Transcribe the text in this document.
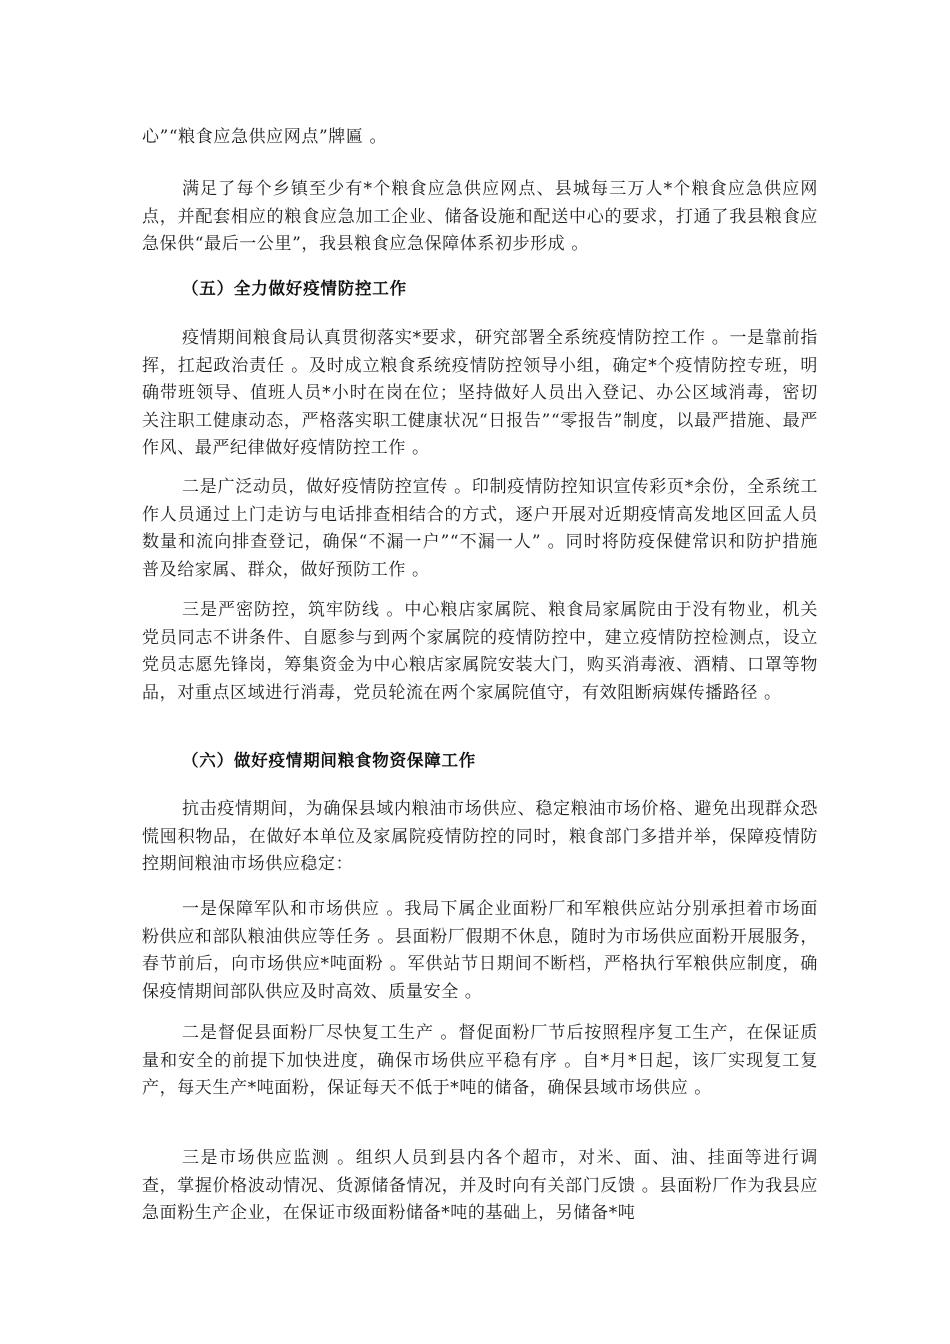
心”“粮食应急供应网点”牌匾 。

满足了每个乡镇至少有*个粮食应急供应网点、县城每三万人*个粮食应急供应网点，并配套相应的粮食应急加工企业、储备设施和配送中心的要求，打通了我县粮食应急保供“最后一公里”，我县粮食应急保障体系初步形成 。

（五）全力做好疫情防控工作

疫情期间粮食局认真贯彻落实*要求，研究部署全系统疫情防控工作 。一是靠前指挥，扛起政治责任 。及时成立粮食系统疫情防控领导小组，确定*个疫情防控专班，明确带班领导、值班人员*小时在岗在位；坚持做好人员出入登记、办公区域消毒，密切关注职工健康动态，严格落实职工健康状况“日报告”“零报告”制度，以最严措施、最严作风、最严纪律做好疫情防控工作 。

二是广泛动员，做好疫情防控宣传 。印制疫情防控知识宣传彩页*余份，全系统工作人员通过上门走访与电话排查相结合的方式，逐户开展对近期疫情高发地区回孟人员数量和流向排查登记，确保“不漏一户”“不漏一人” 。同时将防疫保健常识和防护措施普及给家属、群众，做好预防工作 。

三是严密防控，筑牢防线 。中心粮店家属院、粮食局家属院由于没有物业，机关党员同志不讲条件、自愿参与到两个家属院的疫情防控中，建立疫情防控检测点，设立党员志愿先锋岗，筹集资金为中心粮店家属院安装大门，购买消毒液、酒精、口罩等物品，对重点区域进行消毒，党员轮流在两个家属院值守，有效阻断病媒传播路径 。

（六）做好疫情期间粮食物资保障工作

抗击疫情期间，为确保县域内粮油市场供应、稳定粮油市场价格、避免出现群众恐慌囤积物品，在做好本单位及家属院疫情防控的同时，粮食部门多措并举，保障疫情防控期间粮油市场供应稳定：

一是保障军队和市场供应 。我局下属企业面粉厂和军粮供应站分别承担着市场面粉供应和部队粮油供应等任务 。县面粉厂假期不休息，随时为市场供应面粉开展服务，春节前后，向市场供应*吨面粉 。军供站节日期间不断档，严格执行军粮供应制度，确保疫情期间部队供应及时高效、质量安全 。

二是督促县面粉厂尽快复工生产 。督促面粉厂节后按照程序复工生产，在保证质量和安全的前提下加快进度，确保市场供应平稳有序 。自*月*日起，该厂实现复工复产，每天生产*吨面粉，保证每天不低于*吨的储备，确保县域市场供应 。

三是市场供应监测 。组织人员到县内各个超市，对米、面、油、挂面等进行调查，掌握价格波动情况、货源储备情况，并及时向有关部门反馈 。县面粉厂作为我县应急面粉生产企业，在保证市级面粉储备*吨的基础上，另储备*吨
